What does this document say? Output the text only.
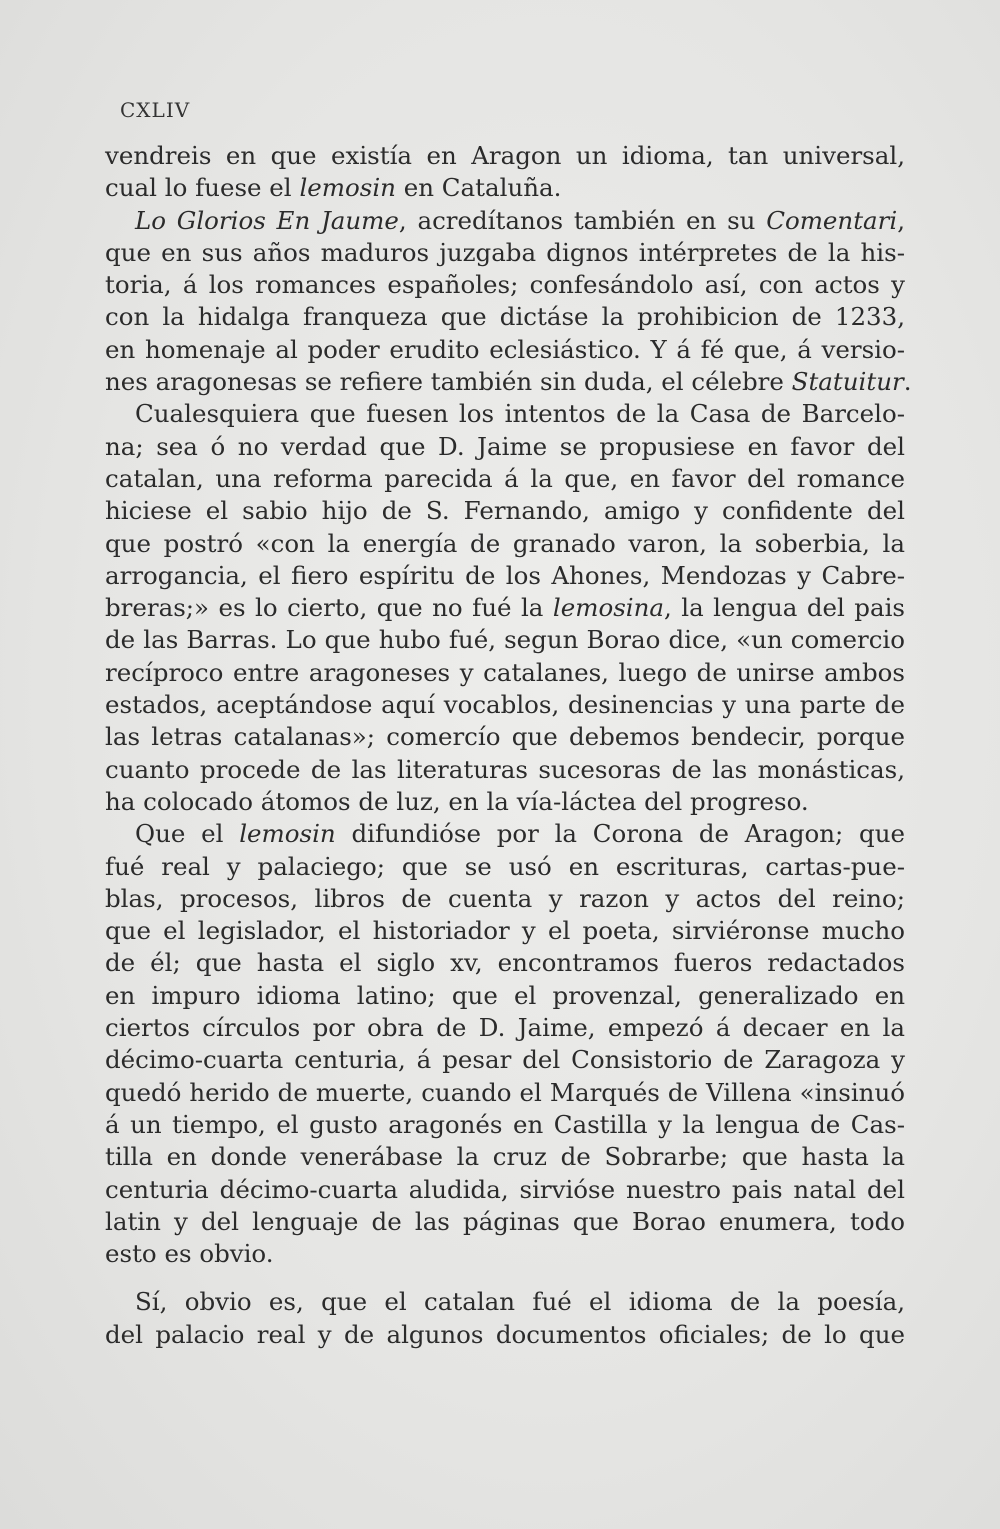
CXLIV
vendreis en que existía en Aragon un idioma, tan universal,
cual lo fuese el lemosin en Cataluña.
Lo Glorios En Jaume, acredítanos también en su Comentari,
que en sus años maduros juzgaba dignos intérpretes de la his-
toria, á los romances españoles; confesándolo así, con actos y
con la hidalga franqueza que dictáse la prohibicion de 1233,
en homenaje al poder erudito eclesiástico. Y á fé que, á versio-
nes aragonesas se refiere también sin duda, el célebre Statuitur.
Cualesquiera que fuesen los intentos de la Casa de Barcelo-
na; sea ó no verdad que D. Jaime se propusiese en favor del
catalan, una reforma parecida á la que, en favor del romance
hiciese el sabio hijo de S. Fernando, amigo y confidente del
que postró «con la energía de granado varon, la soberbia, la
arrogancia, el fiero espíritu de los Ahones, Mendozas y Cabre-
breras;» es lo cierto, que no fué la lemosina, la lengua del pais
de las Barras. Lo que hubo fué, segun Borao dice, «un comercio
recíproco entre aragoneses y catalanes, luego de unirse ambos
estados, aceptándose aquí vocablos, desinencias y una parte de
las letras catalanas»; comercío que debemos bendecir, porque
cuanto procede de las literaturas sucesoras de las monásticas,
ha colocado átomos de luz, en la vía-láctea del progreso.
Que el lemosin difundióse por la Corona de Aragon; que
fué real y palaciego; que se usó en escrituras, cartas-pue-
blas, procesos, libros de cuenta y razon y actos del reino;
que el legislador, el historiador y el poeta, sirviéronse mucho
de él; que hasta el siglo xv, encontramos fueros redactados
en impuro idioma latino; que el provenzal, generalizado en
ciertos círculos por obra de D. Jaime, empezó á decaer en la
décimo-cuarta centuria, á pesar del Consistorio de Zaragoza y
quedó herido de muerte, cuando el Marqués de Villena «insinuó
á un tiempo, el gusto aragonés en Castilla y la lengua de Cas-
tilla en donde venerábase la cruz de Sobrarbe; que hasta la
centuria décimo-cuarta aludida, sirvióse nuestro pais natal del
latin y del lenguaje de las páginas que Borao enumera, todo
esto es obvio.
Sí, obvio es, que el catalan fué el idioma de la poesía,
del palacio real y de algunos documentos oficiales; de lo que
